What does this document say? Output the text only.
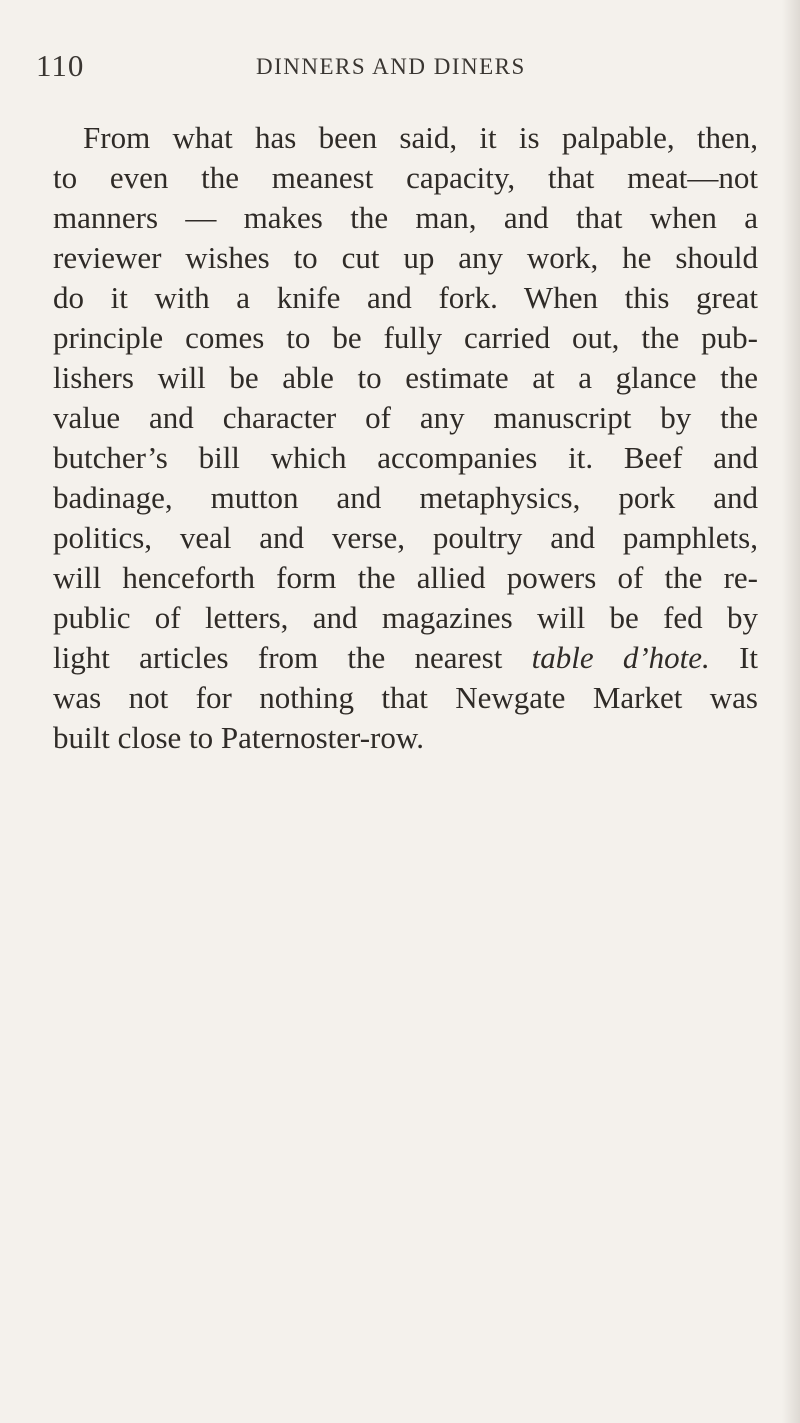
110	DINNERS AND DINERS
From what has been said, it is palpable, then,
to even the meanest capacity, that meat—not
manners — makes the man, and that when a
reviewer wishes to cut up any work, he should
do it with a knife and fork. When this great
principle comes to be fully carried out, the pub-
lishers will be able to estimate at a glance the
value and character of any manuscript by the
butcher’s bill which accompanies it. Beef and
badinage, mutton and metaphysics, pork and
politics, veal and verse, poultry and pamphlets,
will henceforth form the allied powers of the re-
public of letters, and magazines will be fed by
light articles from the nearest table d’hote. It
was not for nothing that Newgate Market was
built close to Paternoster-row.
